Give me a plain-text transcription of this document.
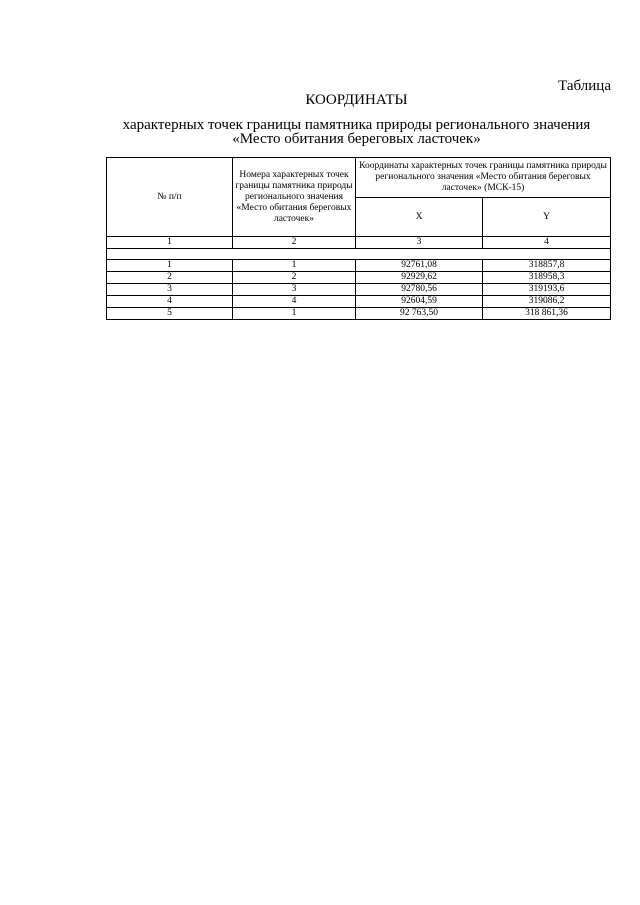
Таблица
КООРДИНАТЫ
характерных точек границы памятника природы регионального значения
«Место обитания береговых ласточек»
№ п/п	Номера характерных точек границы памятника природы регионального значения «Место обитания береговых ласточек»	Координаты характерных точек границы памятника природы регионального значения «Место обитания береговых ласточек» (МСК-15)	
		X	Y
1	2	3	4

1	1	92761,08	318857,8
2	2	92929,62	318958,3
3	3	92780,56	319193,6
4	4	92604,59	319086,2
5	1	92 763,50	318 861,36
